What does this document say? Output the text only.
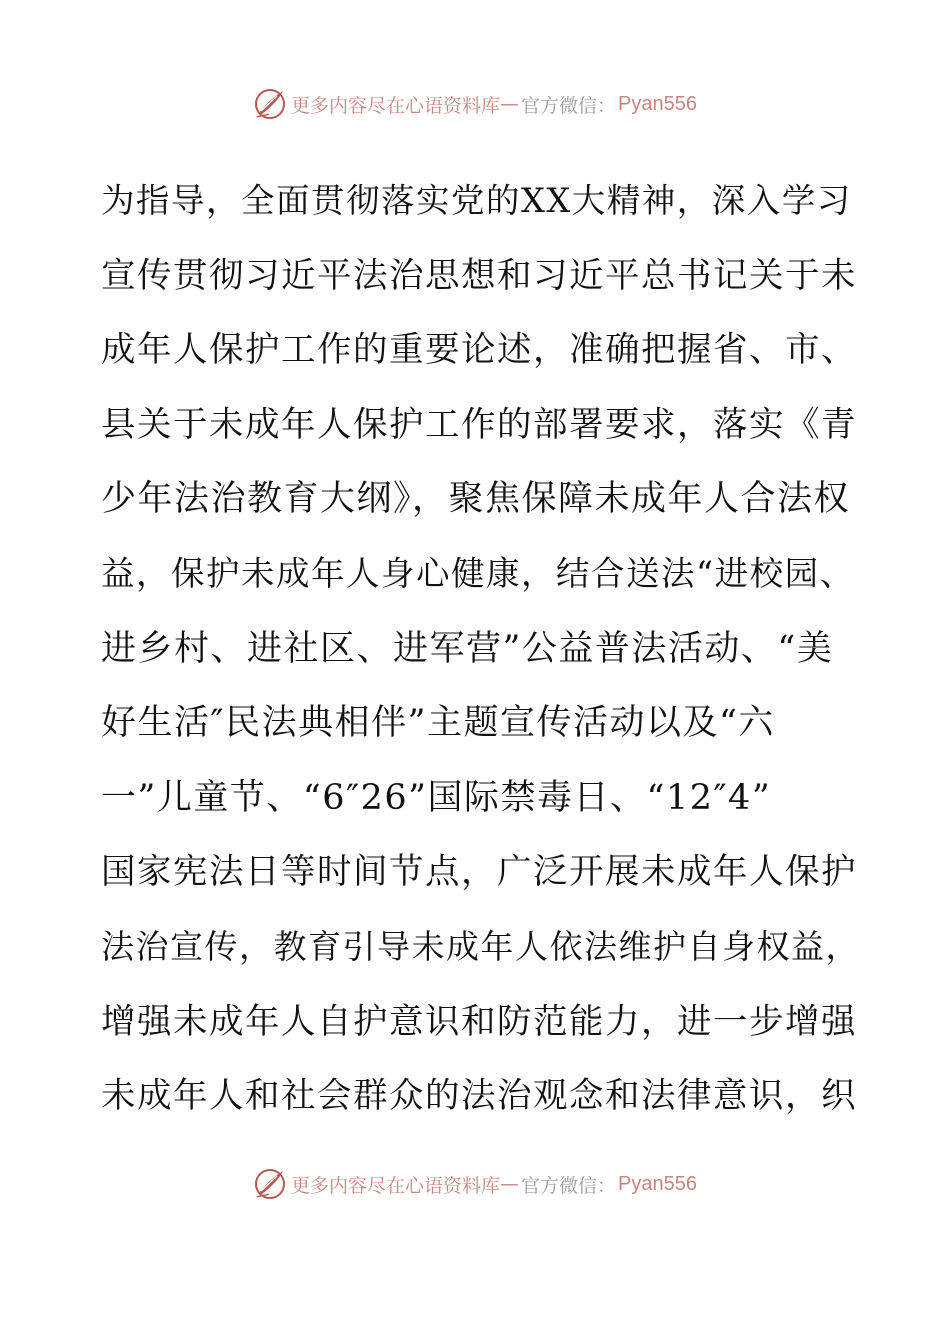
更多内容尽在心语资料库 — 官方微信： Pyan556
为指导，全面贯彻落实党的XX大精神，深入学习
宣传贯彻习近平法治思想和习近平总书记关于未
成年人保护工作的重要论述，准确把握省、市、
县关于未成年人保护工作的部署要求，落实《青
少年法治教育大纲》，聚焦保障未成年人合法权
益，保护未成年人身心健康，结合送法“进校园、
进乡村、进社区、进军营”公益普法活动、“美
好生活″民法典相伴”主题宣传活动以及“六
一”儿童节、“6″26”国际禁毒日、“12″4”
国家宪法日等时间节点，广泛开展未成年人保护
法治宣传，教育引导未成年人依法维护自身权益，
增强未成年人自护意识和防范能力，进一步增强
未成年人和社会群众的法治观念和法律意识，织
更多内容尽在心语资料库 — 官方微信： Pyan556
